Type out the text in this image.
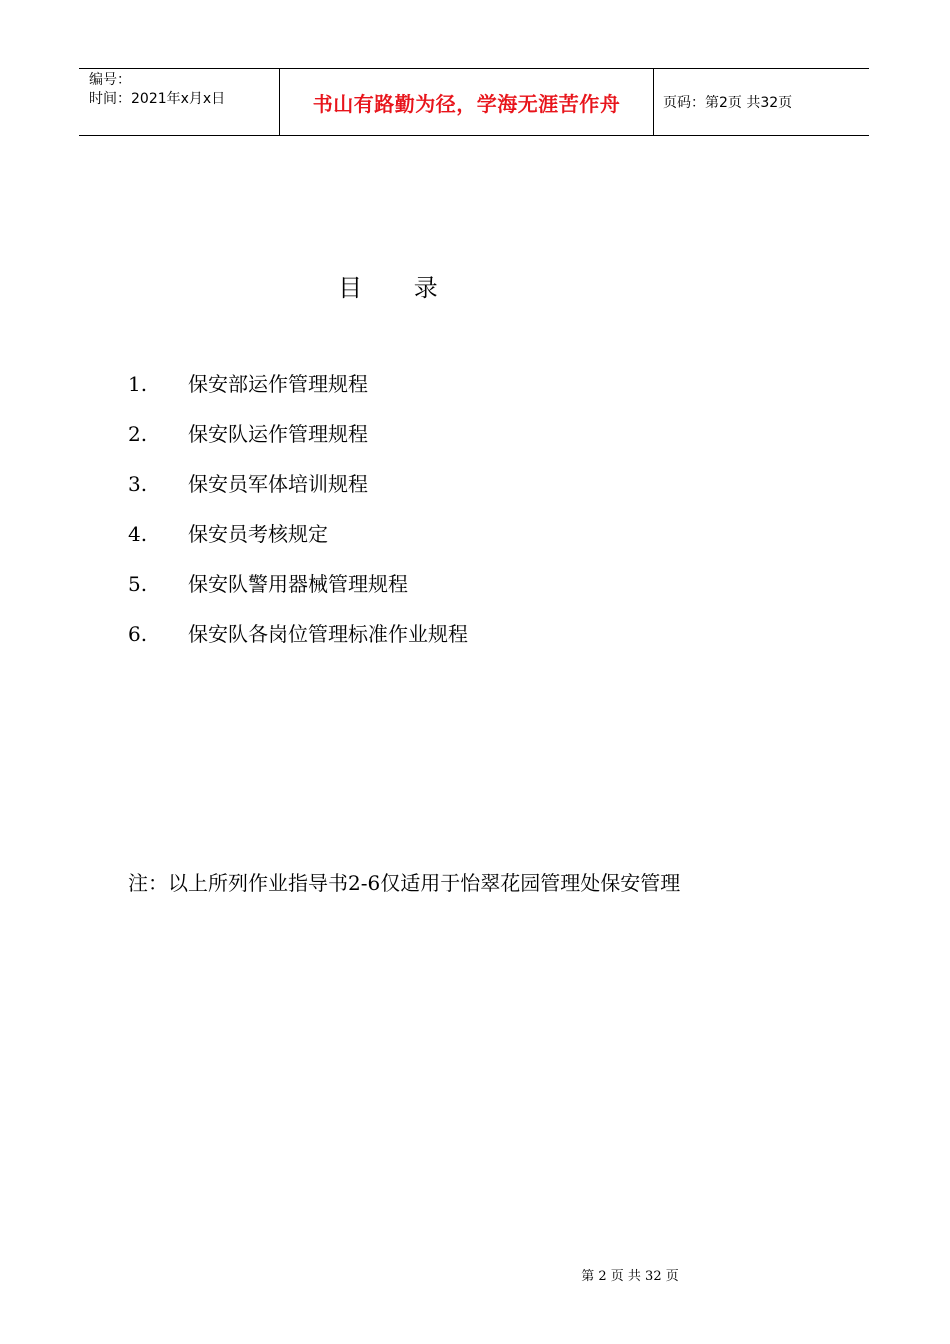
编号：
时间：2021年x月x日	书山有路勤为径，学海无涯苦作舟	页码：第2页 共32页
目 录
1.	保安部运作管理规程
2.	保安队运作管理规程
3.	保安员军体培训规程
4.	保安员考核规定
5.	保安队警用器械管理规程
6.	保安队各岗位管理标准作业规程
注：以上所列作业指导书2-6仅适用于怡翠花园管理处保安管理
第 2 页 共 32 页
